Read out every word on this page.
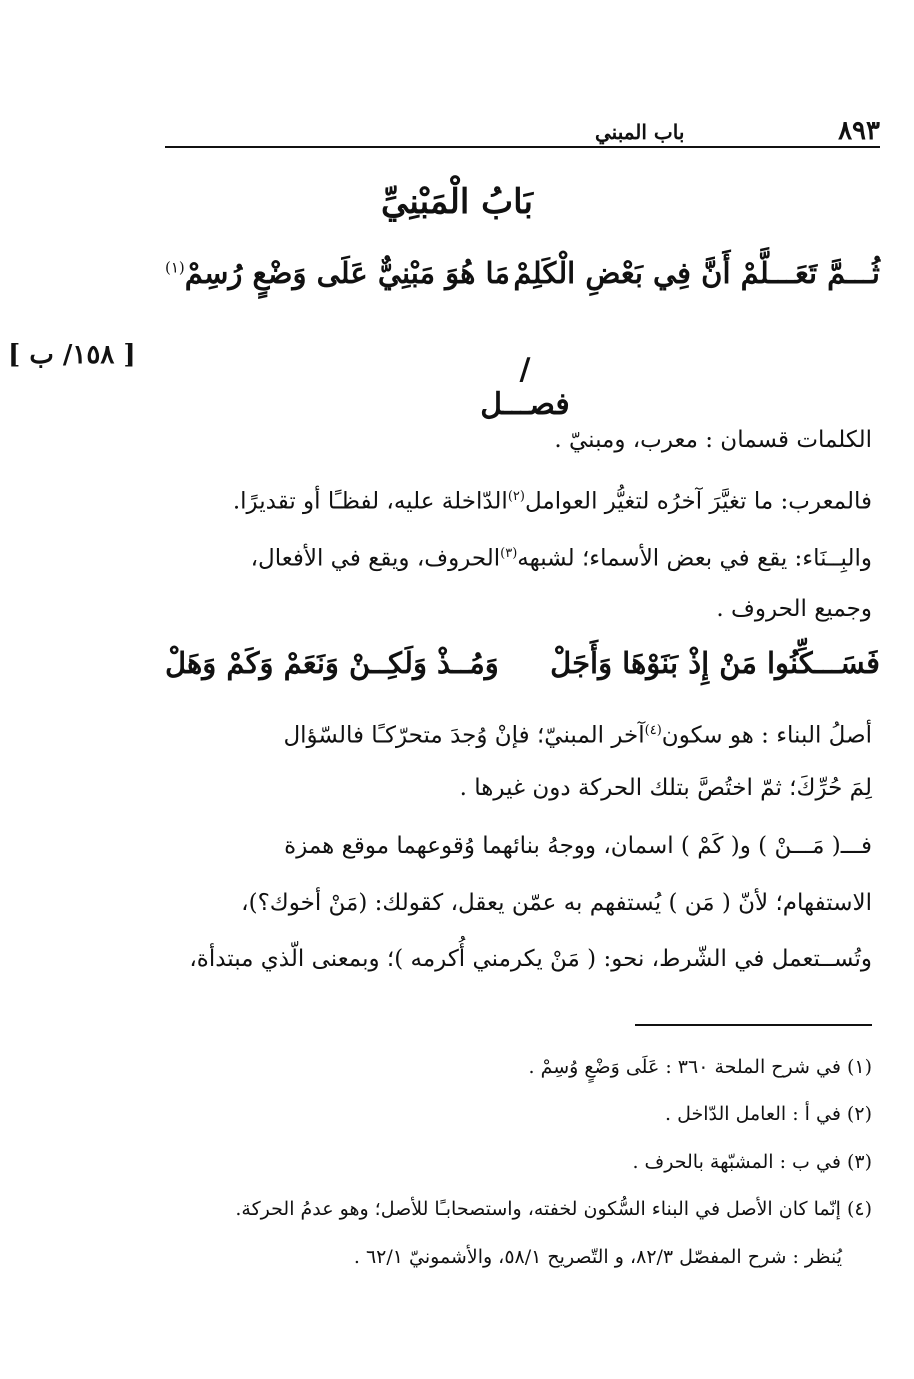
٨٩٣
باب المبني
بَابُ الْمَبْنِيِّ
ثُـــمَّ تَعَـــلَّمْ أَنَّ فِي بَعْضِ الْكَلِمْ
مَا هُوَ مَبْنِيٌّ عَلَى وَضْعٍ رُسِمْ$^{(١)}$
[ ١٥٨/ ب ]	/ فصـــل
الكلمات قسمان : معرب، ومبنيّ .
فالمعرب: ما تغيَّرَ آخرُه لتغيُّر العوامل$^{(٢)}$الدّاخلة عليه، لفظـًا أو تقديرًا.
والبِــنَاء: يقع في بعض الأسماء؛ لشبهه$^{(٣)}$الحروف، ويقع في الأفعال،
وجميع الحروف .
فَسَـــكِّنُوا مَنْ إِذْ بَنَوْهَا وَأَجَلْ
وَمُــذْ وَلَكِــنْ وَنَعَمْ وَكَمْ وَهَلْ
أصلُ البناء : هو سكون$^{(٤)}$آخر المبنيّ؛ فإنْ وُجدَ متحرّكـًا فالسّؤال
لِمَ حُرِّكَ؛ ثمّ اختُصَّ بتلك الحركة دون غيرها .
فـــ( مَـــنْ ) و( كَمْ ) اسمان، ووجهُ بنائهما وُقوعهما موقع همزة
الاستفهام؛ لأنّ ( مَن ) يُستفهم به عمّن يعقل، كقولك: (مَنْ أخوك؟)،
وتُســتعمل في الشّرط، نحو: ( مَنْ يكرمني أُكرمه )؛ وبمعنى الّذي مبتدأة،
(١) في شرح الملحة ٣٦٠ : عَلَى وَضْعٍ وُسِمْ .
(٢) في أ : العامل الدّاخل .
(٣) في ب : المشبّهة بالحرف .
(٤) إنّما كان الأصل في البناء السُّكون لخفته، واستصحابـًا للأصل؛ وهو عدمُ الحركة.
يُنظر : شرح المفصّل ٨٢/٣، و التّصريح ٥٨/١، والأشمونيّ ٦٢/١ .
